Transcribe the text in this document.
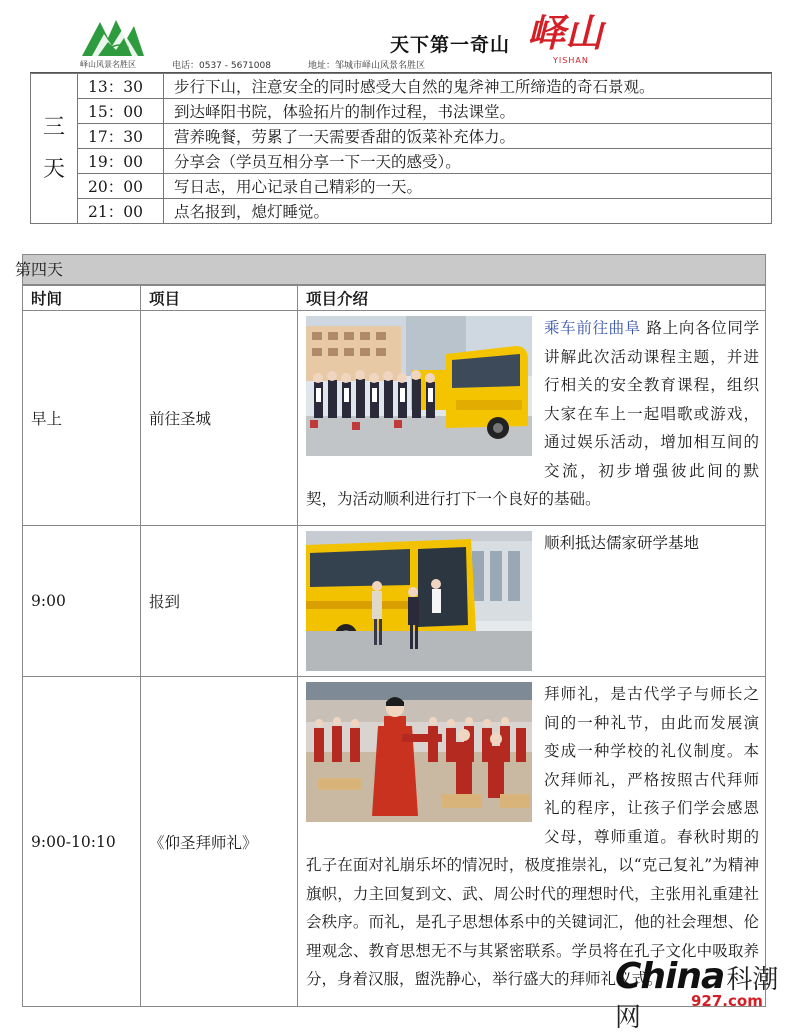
峄山风景名胜区	电话：0537 - 5671008	地址：邹城市峄山风景名胜区
天下第一奇山 峄山
YISHAN
三
天	13：30	步行下山，注意安全的同时感受大自然的鬼斧神工所缔造的奇石景观。
	15：00	到达峄阳书院，体验拓片的制作过程，书法课堂。
	17：30	营养晚餐，劳累了一天需要香甜的饭菜补充体力。
	19：00	分享会（学员互相分享一下一天的感受）。
	20：00	写日志，用心记录自己精彩的一天。
	21：00	点名报到，熄灯睡觉。
第四天
时间	项目	项目介绍
早上	前往圣城	乘车前往曲阜 路上向各位同学讲解此次活动课程主题，并进行相关的安全教育课程，组织大家在车上一起唱歌或游戏，通过娱乐活动，增加相互间的交流，初步增强彼此间的默契，为活动顺利进行打下一个良好的基础。

9:00	报到	顺利抵达儒家研学基地

9:00-10:10	《仰圣拜师礼》	拜师礼，是古代学子与师长之间的一种礼节，由此而发展演变成一种学校的礼仪制度。本次拜师礼，严格按照古代拜师礼的程序，让孩子们学会感恩父母，尊师重道。春秋时期的孔子在面对礼崩乐坏的情况时，极度推崇礼，以“克己复礼”为精神旗帜，力主回复到文、武、周公时代的理想时代，主张用礼重建社会秩序。而礼，是孔子思想体系中的关键词汇，他的社会理想、伦理观念、教育思想无不与其紧密联系。学员将在孔子文化中吸取养分，身着汉服，盥洗静心，举行盛大的拜师礼仪式。
China科潮网
927.com
